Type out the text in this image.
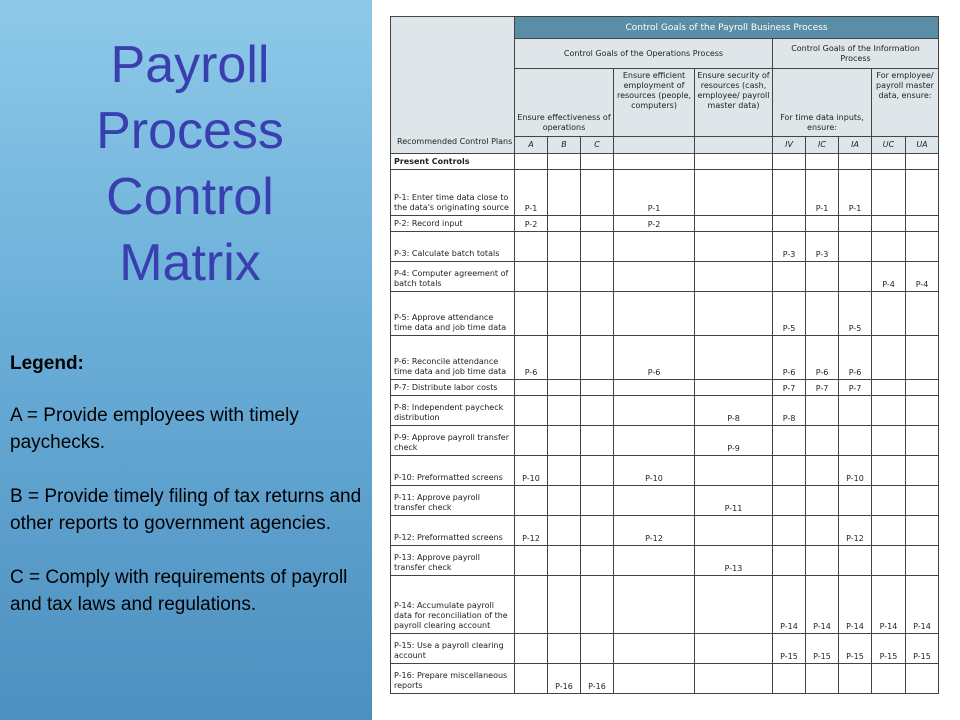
Payroll
Process
Control
Matrix
Legend:

A = Provide employees with timely paychecks.

B = Provide timely filing of tax returns and other reports to government agencies.

C = Comply with requirements of payroll and tax laws and regulations.

Recommended Control Plans	Control Goals of the Payroll Business Process									
	Control Goals of the Operations Process					Control Goals of the Information Process				
	Ensure effectiveness of operations			Ensure efficient employment of resources (people, computers)	Ensure security of resources (cash, employee/ payroll master data)	For time data inputs, ensure:			For employee/ payroll master data, ensure:	
	A	B	C			IV	IC	IA	UC	UA
Present Controls										
P-1: Enter time data close to the data's originating source	P-1			P-1			P-1	P-1		
P-2: Record input	P-2			P-2						
P-3: Calculate batch totals						P-3	P-3			
P-4: Computer agreement of batch totals									P-4	P-4
P-5: Approve attendance time data and job time data						P-5		P-5		
P-6: Reconcile attendance time data and job time data	P-6			P-6		P-6	P-6	P-6		
P-7: Distribute labor costs						P-7	P-7	P-7		
P-8: Independent paycheck distribution					P-8	P-8				
P-9: Approve payroll transfer check					P-9					
P-10: Preformatted screens	P-10			P-10				P-10		
P-11: Approve payroll transfer check					P-11					
P-12: Preformatted screens	P-12			P-12				P-12		
P-13: Approve payroll transfer check					P-13					
P-14: Accumulate payroll data for reconciliation of the payroll clearing account						P-14	P-14	P-14	P-14	P-14
P-15: Use a payroll clearing account						P-15	P-15	P-15	P-15	P-15
P-16: Prepare miscellaneous reports		P-16	P-16							
